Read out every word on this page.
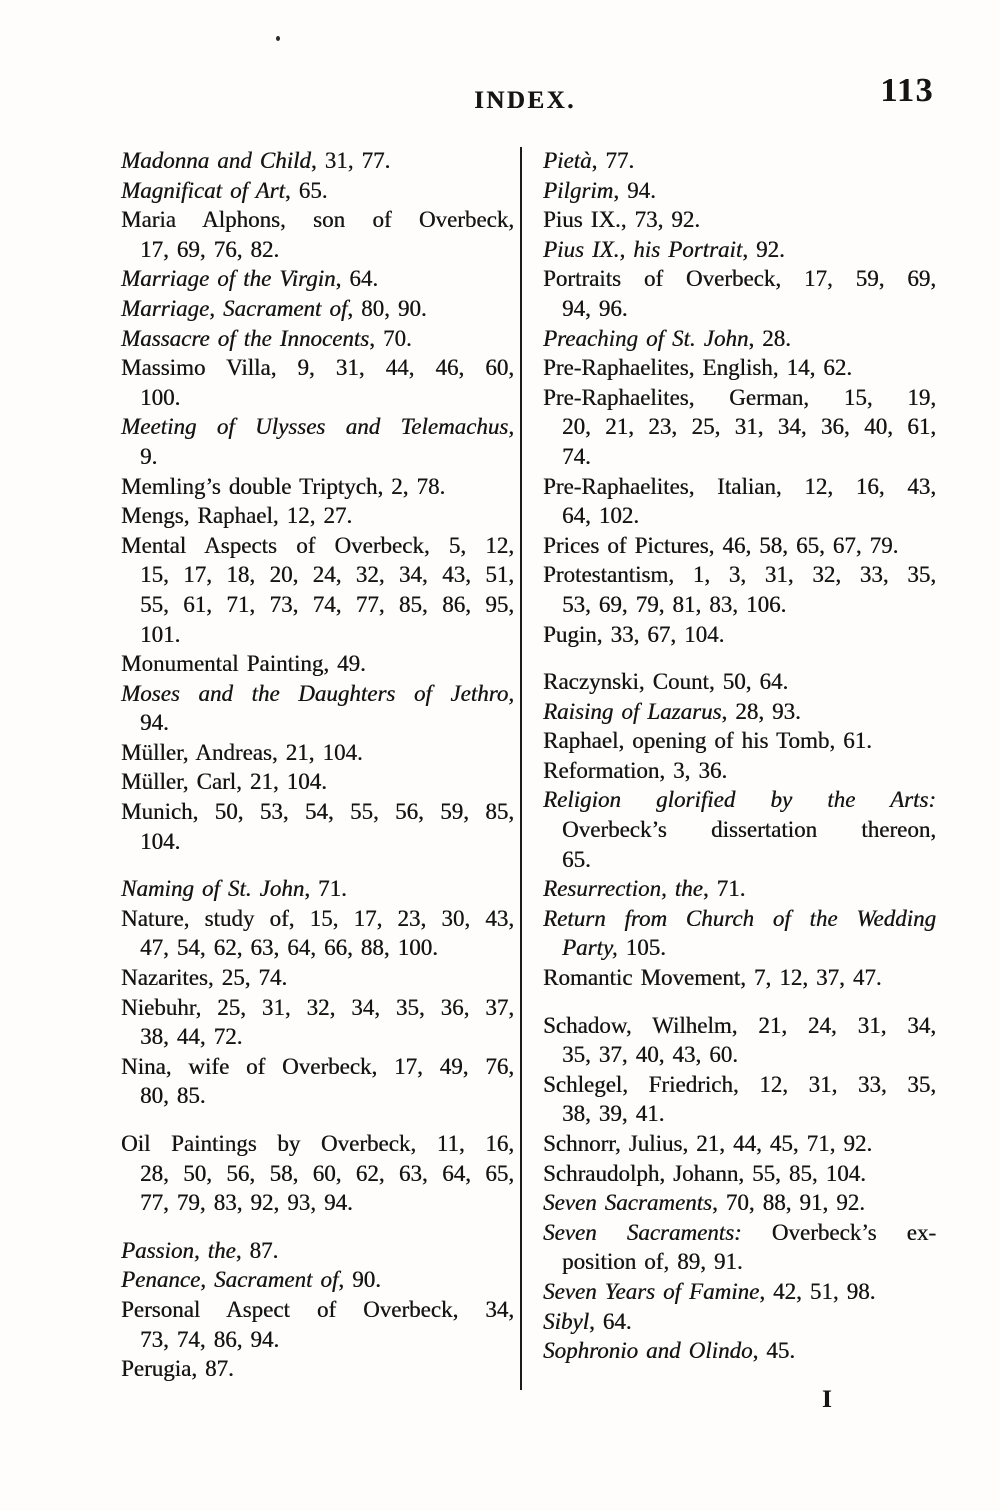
INDEX.	113
Madonna and Child, 31, 77.
Magnificat of Art, 65.
Maria Alphons, son of Overbeck,
17, 69, 76, 82.
Marriage of the Virgin, 64.
Marriage, Sacrament of, 80, 90.
Massacre of the Innocents, 70.
Massimo Villa, 9, 31, 44, 46, 60,
100.
Meeting of Ulysses and Telemachus,
9.
Memling’s double Triptych, 2, 78.
Mengs, Raphael, 12, 27.
Mental Aspects of Overbeck, 5, 12,
15, 17, 18, 20, 24, 32, 34, 43, 51,
55, 61, 71, 73, 74, 77, 85, 86, 95,
101.
Monumental Painting, 49.
Moses and the Daughters of Jethro,
94.
Müller, Andreas, 21, 104.
Müller, Carl, 21, 104.
Munich, 50, 53, 54, 55, 56, 59, 85,
104.
Naming of St. John, 71.
Nature, study of, 15, 17, 23, 30, 43,
47, 54, 62, 63, 64, 66, 88, 100.
Nazarites, 25, 74.
Niebuhr, 25, 31, 32, 34, 35, 36, 37,
38, 44, 72.
Nina, wife of Overbeck, 17, 49, 76,
80, 85.
Oil Paintings by Overbeck, 11, 16,
28, 50, 56, 58, 60, 62, 63, 64, 65,
77, 79, 83, 92, 93, 94.
Passion, the, 87.
Penance, Sacrament of, 90.
Personal Aspect of Overbeck, 34,
73, 74, 86, 94.
Perugia, 87.
Pietà, 77.
Pilgrim, 94.
Pius IX., 73, 92.
Pius IX., his Portrait, 92.
Portraits of Overbeck, 17, 59, 69,
94, 96.
Preaching of St. John, 28.
Pre-Raphaelites, English, 14, 62.
Pre-Raphaelites, German, 15, 19,
20, 21, 23, 25, 31, 34, 36, 40, 61,
74.
Pre-Raphaelites, Italian, 12, 16, 43,
64, 102.
Prices of Pictures, 46, 58, 65, 67, 79.
Protestantism, 1, 3, 31, 32, 33, 35,
53, 69, 79, 81, 83, 106.
Pugin, 33, 67, 104.
Raczynski, Count, 50, 64.
Raising of Lazarus, 28, 93.
Raphael, opening of his Tomb, 61.
Reformation, 3, 36.
Religion glorified by the Arts:
Overbeck’s dissertation thereon,
65.
Resurrection, the, 71.
Return from Church of the Wedding
Party, 105.
Romantic Movement, 7, 12, 37, 47.
Schadow, Wilhelm, 21, 24, 31, 34,
35, 37, 40, 43, 60.
Schlegel, Friedrich, 12, 31, 33, 35,
38, 39, 41.
Schnorr, Julius, 21, 44, 45, 71, 92.
Schraudolph, Johann, 55, 85, 104.
Seven Sacraments, 70, 88, 91, 92.
Seven Sacraments: Overbeck’s ex-
position of, 89, 91.
Seven Years of Famine, 42, 51, 98.
Sibyl, 64.
Sophronio and Olindo, 45.
I
